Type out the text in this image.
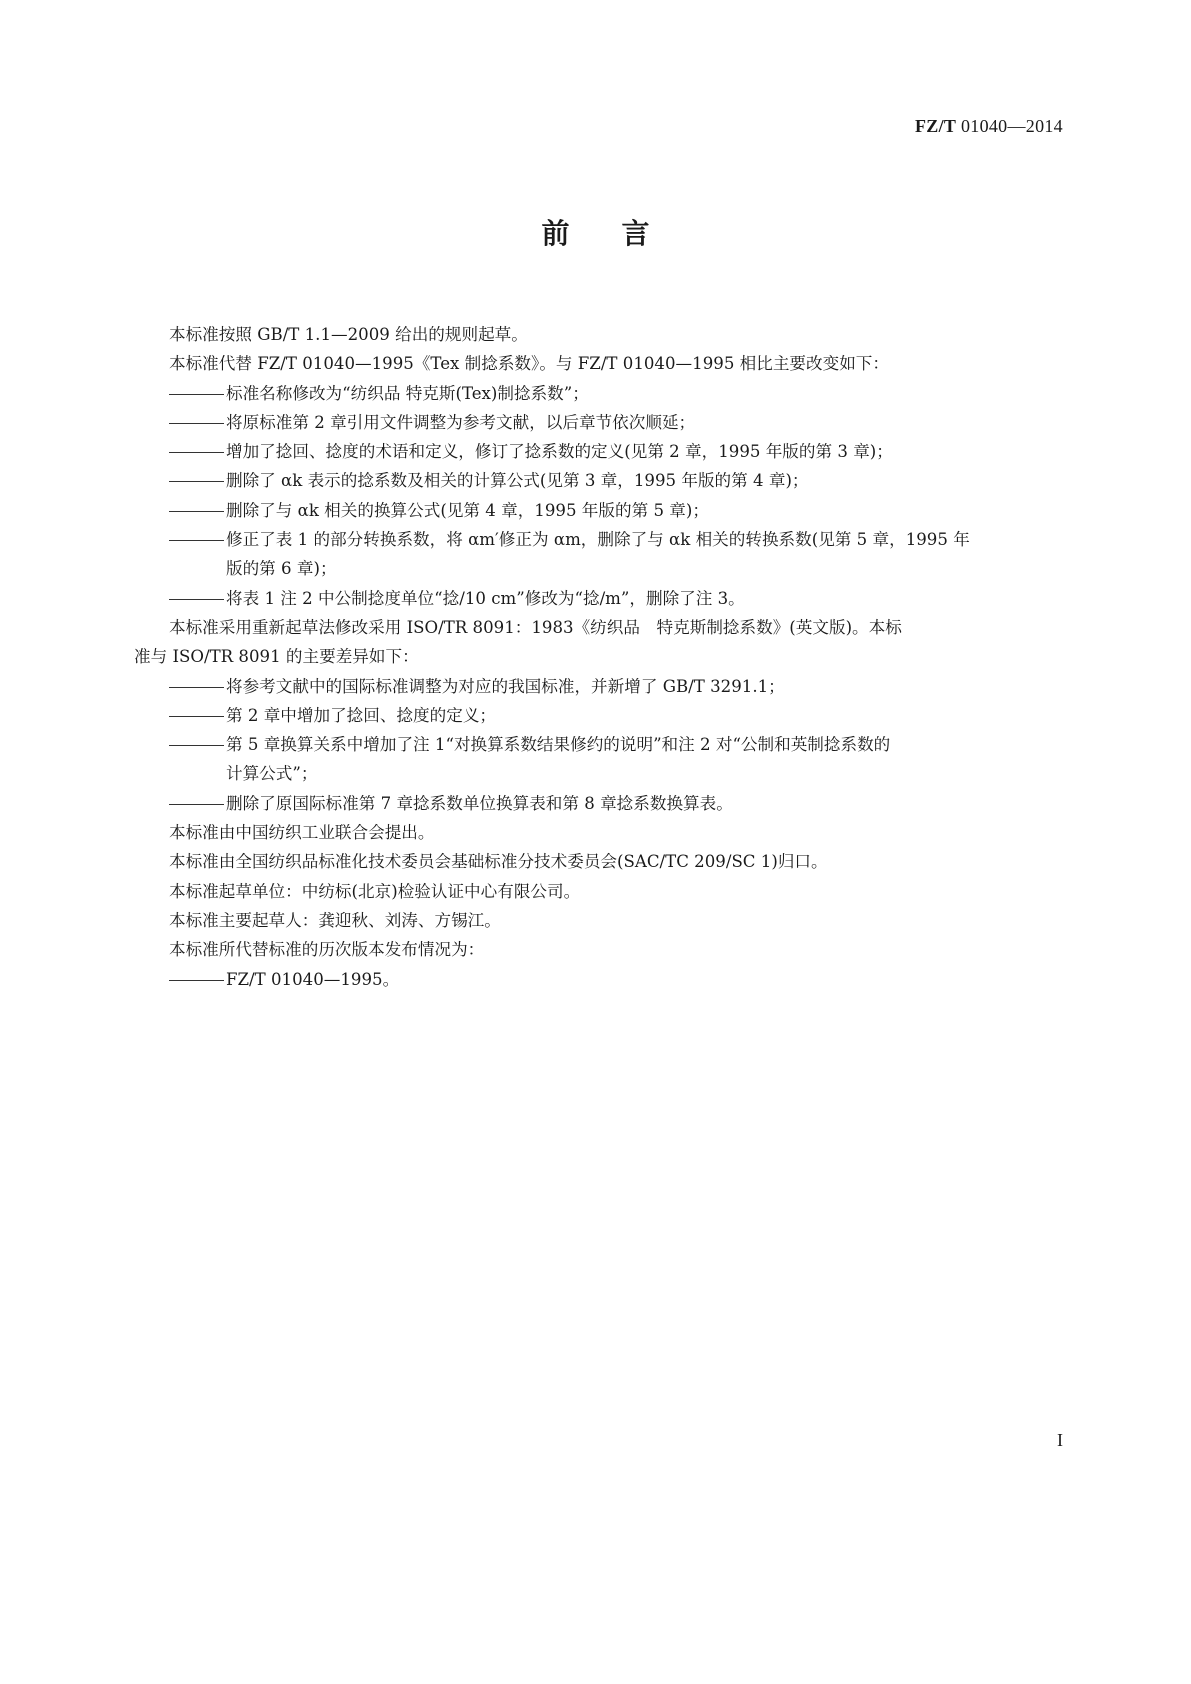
FZ/T 01040—2014
前言
本标准按照 GB/T 1.1—2009 给出的规则起草。
本标准代替 FZ/T 01040—1995《Tex 制捻系数》。与 FZ/T 01040—1995 相比主要改变如下：
标准名称修改为“纺织品 特克斯(Tex)制捻系数”；
将原标准第 2 章引用文件调整为参考文献，以后章节依次顺延；
增加了捻回、捻度的术语和定义，修订了捻系数的定义(见第 2 章，1995 年版的第 3 章)；
删除了 αk 表示的捻系数及相关的计算公式(见第 3 章，1995 年版的第 4 章)；
删除了与 αk 相关的换算公式(见第 4 章，1995 年版的第 5 章)；
修正了表 1 的部分转换系数，将 αm′修正为 αm，删除了与 αk 相关的转换系数(见第 5 章，1995 年
版的第 6 章)；
将表 1 注 2 中公制捻度单位“捻/10 cm”修改为“捻/m”，删除了注 3。
本标准采用重新起草法修改采用 ISO/TR 8091：1983《纺织品　特克斯制捻系数》(英文版)。本标
准与 ISO/TR 8091 的主要差异如下：
将参考文献中的国际标准调整为对应的我国标准，并新增了 GB/T 3291.1；
第 2 章中增加了捻回、捻度的定义；
第 5 章换算关系中增加了注 1“对换算系数结果修约的说明”和注 2 对“公制和英制捻系数的
计算公式”；
删除了原国际标准第 7 章捻系数单位换算表和第 8 章捻系数换算表。
本标准由中国纺织工业联合会提出。
本标准由全国纺织品标准化技术委员会基础标准分技术委员会(SAC/TC 209/SC 1)归口。
本标准起草单位：中纺标(北京)检验认证中心有限公司。
本标准主要起草人：龚迎秋、刘涛、方锡江。
本标准所代替标准的历次版本发布情况为：
FZ/T 01040—1995。
I
